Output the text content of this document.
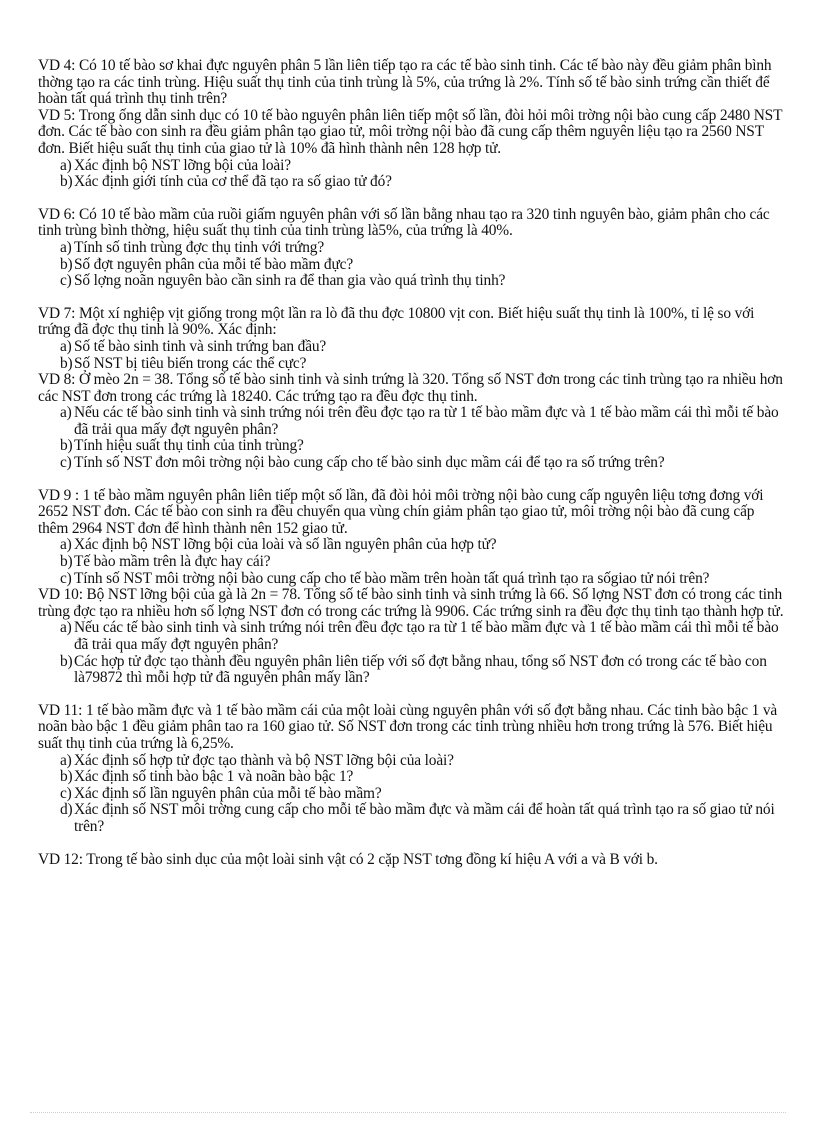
VD 4: Có 10 tế bào sơ khai đực nguyên phân 5 lần liên tiếp tạo ra các tế bào sinh tinh. Các tế bào này đều giảm phân bình thờng tạo ra các tinh trùng. Hiệu suất thụ tinh của tinh trùng là 5%, của trứng là 2%. Tính số tế bào sinh trứng cần thiết để hoàn tất quá trình thụ tinh trên?

VD 5: Trong ống dẫn sinh dục có 10 tế bào nguyên phân liên tiếp một số lần, đòi hỏi môi trờng nội bào cung cấp 2480 NST đơn. Các tế bào con sinh ra đều giảm phân tạo giao tử, môi trờng nội bào đã cung cấp thêm nguyên liệu tạo ra 2560 NST đơn. Biết hiệu suất thụ tinh của giao tử là 10% đã hình thành nên 128 hợp tử.

a) Xác định bộ NST lỡng bội của loài?
b) Xác định giới tính của cơ thể đã tạo ra số giao tử đó?

VD 6: Có 10 tế bào mầm của ruồi giấm nguyên phân với số lần bằng nhau tạo ra 320 tinh nguyên bào, giảm phân cho các tinh trùng bình thờng, hiệu suất thụ tinh của tinh trùng là5%, của trứng là 40%.

a) Tính số tinh trùng đợc thụ tinh với trứng?
b) Số đợt nguyên phân của mỗi tế bào mầm đực?
c) Số lợng noãn nguyên bào cần sinh ra để than gia vào quá trình thụ tinh?

VD 7: Một xí nghiệp vịt giống trong một lần ra lò đã thu đợc 10800 vịt con. Biết hiệu suất thụ tinh là 100%, tỉ lệ so với trứng đã đợc thụ tinh là 90%. Xác định:

a) Số tế bào sinh tinh và sinh trứng ban đầu?
b) Số NST bị tiêu biến trong các thể cực?

VD 8: Ở mèo 2n = 38. Tổng số tế bào sinh tinh và sinh trứng là 320. Tổng số NST đơn trong các tinh trùng tạo ra nhiều hơn các NST đơn trong các trứng là 18240. Các trứng tạo ra đều đợc thụ tinh.

a) Nếu các tế bào sinh tinh và sinh trứng nói trên đều đợc tạo ra từ 1 tế bào mầm đực và 1 tế bào mầm cái thì mỗi tế bào đã trải qua mấy đợt nguyên phân?
b) Tính hiệu suất thụ tinh của tinh trùng?
c) Tính số NST đơn môi trờng nội bào cung cấp cho tế bào sinh dục mầm cái để tạo ra số trứng trên?

VD 9 : 1 tế bào mầm nguyên phân liên tiếp một số lần, đã đòi hỏi môi trờng nội bào cung cấp nguyên liệu tơng đơng với 2652 NST đơn. Các tế bào con sinh ra đều chuyển qua vùng chín giảm phân tạo giao tử, môi trờng nội bào đã cung cấp thêm 2964 NST đơn để hình thành nên 152 giao tử.

a) Xác định bộ NST lỡng bội của loài và số lần nguyên phân của hợp tử?
b) Tế bào mầm trên là đực hay cái?
c) Tính số NST môi trờng nội bào cung cấp cho tế bào mầm trên hoàn tất quá trình tạo ra sốgiao tử nói trên?

VD 10: Bộ NST lỡng bội của gà là 2n = 78. Tổng số tế bào sinh tinh và sinh trứng là 66. Số lợng NST đơn có trong các tinh trùng đợc tạo ra nhiều hơn số lợng NST đơn có trong các trứng là 9906. Các trứng sinh ra đều đợc thụ tinh tạo thành hợp tử.

a) Nếu các tế bào sinh tinh và sinh trứng nói trên đều đợc tạo ra từ 1 tế bào mầm đực và 1 tế bào mầm cái thì mỗi tế bào đã trải qua mấy đợt nguyên phân?
b) Các hợp tử đợc tạo thành đều nguyên phân liên tiếp với số đợt bằng nhau, tổng số NST đơn có trong các tế bào con là79872 thì mỗi hợp tử đã nguyên phân mấy lần?

VD 11: 1 tế bào mầm đực và 1 tế bào mầm cái của một loài cùng nguyên phân với số đợt bằng nhau. Các tinh bào bậc 1 và noãn bào bậc 1 đều giảm phân tao ra 160 giao tử. Số NST đơn trong các tinh trùng nhiều hơn trong trứng là 576. Biết hiệu suất thụ tinh của trứng là 6,25%.

a) Xác định số hợp tử đợc tạo thành và bộ NST lỡng bội của loài?
b) Xác định số tinh bào bậc 1 và noãn bào bậc 1?
c) Xác định số lần nguyên phân của mỗi tế bào mầm?
d) Xác định số NST môi trờng cung cấp cho mỗi tế bào mầm đực và mầm cái để hoàn tất quá trình tạo ra số giao tử nói trên?

VD 12: Trong tế bào sinh dục của một loài sinh vật có 2 cặp NST tơng đồng kí hiệu A với a và B với b.
